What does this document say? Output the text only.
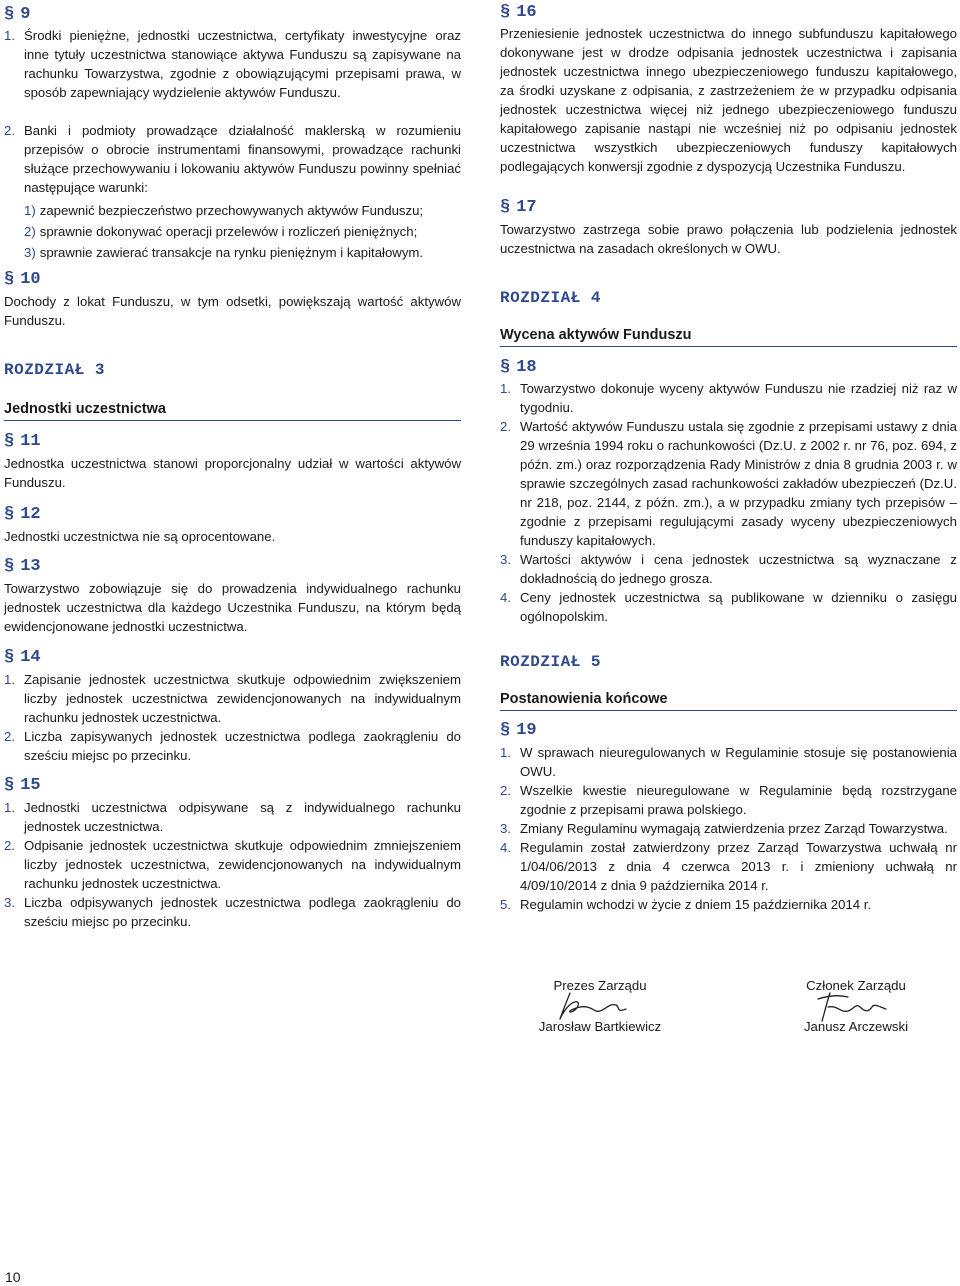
§ 9
1. Środki pieniężne, jednostki uczestnictwa, certyfikaty inwestycyjne oraz inne tytuły uczestnictwa stanowiące aktywa Funduszu są zapisywane na rachunku Towarzystwa, zgodnie z obowiązującymi przepisami prawa, w sposób zapewniający wydzielenie aktywów Funduszu.
2. Banki i podmioty prowadzące działalność maklerską w rozumieniu przepisów o obrocie instrumentami finansowymi, prowadzące rachunki służące przechowywaniu i lokowaniu aktywów Funduszu powinny spełniać następujące warunki:
1) zapewnić bezpieczeństwo przechowywanych aktywów Funduszu;
2) sprawnie dokonywać operacji przelewów i rozliczeń pieniężnych;
3) sprawnie zawierać transakcje na rynku pieniężnym i kapitałowym.
§ 10

Dochody z lokat Funduszu, w tym odsetki, powiększają wartość aktywów Funduszu.

ROZDZIAŁ 3
Jednostki uczestnictwa
§ 11

Jednostka uczestnictwa stanowi proporcjonalny udział w wartości aktywów Funduszu.

§ 12

Jednostki uczestnictwa nie są oprocentowane.

§ 13

Towarzystwo zobowiązuje się do prowadzenia indywidualnego rachunku jednostek uczestnictwa dla każdego Uczestnika Funduszu, na którym będą ewidencjonowane jednostki uczestnictwa.

§ 14
1. Zapisanie jednostek uczestnictwa skutkuje odpowiednim zwiększeniem liczby jednostek uczestnictwa zewidencjonowanych na indywidualnym rachunku jednostek uczestnictwa.
2. Liczba zapisywanych jednostek uczestnictwa podlega zaokrągleniu do sześciu miejsc po przecinku.
§ 15
1. Jednostki uczestnictwa odpisywane są z indywidualnego rachunku jednostek uczestnictwa.
2. Odpisanie jednostek uczestnictwa skutkuje odpowiednim zmniejszeniem liczby jednostek uczestnictwa, zewidencjonowanych na indywidualnym rachunku jednostek uczestnictwa.
3. Liczba odpisywanych jednostek uczestnictwa podlega zaokrągleniu do sześciu miejsc po przecinku.
§ 16

Przeniesienie jednostek uczestnictwa do innego subfunduszu kapitałowego dokonywane jest w drodze odpisania jednostek uczestnictwa i zapisania jednostek uczestnictwa innego ubezpieczeniowego funduszu kapitałowego, za środki uzyskane z odpisania, z zastrzeżeniem że w przypadku odpisania jednostek uczestnictwa więcej niż jednego ubezpieczeniowego funduszu kapitałowego zapisanie nastąpi nie wcześniej niż po odpisaniu jednostek uczestnictwa wszystkich ubezpieczeniowych funduszy kapitałowych podlegających konwersji zgodnie z dyspozycją Uczestnika Funduszu.

§ 17

Towarzystwo zastrzega sobie prawo połączenia lub podzielenia jednostek uczestnictwa na zasadach określonych w OWU.

ROZDZIAŁ 4
Wycena aktywów Funduszu
§ 18
1. Towarzystwo dokonuje wyceny aktywów Funduszu nie rzadziej niż raz w tygodniu.
2. Wartość aktywów Funduszu ustala się zgodnie z przepisami ustawy z dnia 29 września 1994 roku o rachunkowości (Dz.U. z 2002 r. nr 76, poz. 694, z późn. zm.) oraz rozporządzenia Rady Ministrów z dnia 8 grudnia 2003 r. w sprawie szczególnych zasad rachunkowości zakładów ubezpieczeń (Dz.U. nr 218, poz. 2144, z późn. zm.), a w przypadku zmiany tych przepisów – zgodnie z przepisami regulującymi zasady wyceny ubezpieczeniowych funduszy kapitałowych.
3. Wartości aktywów i cena jednostek uczestnictwa są wyznaczane z dokładnością do jednego grosza.
4. Ceny jednostek uczestnictwa są publikowane w dzienniku o zasięgu ogólnopolskim.
ROZDZIAŁ 5
Postanowienia końcowe
§ 19
1. W sprawach nieuregulowanych w Regulaminie stosuje się postanowienia OWU.
2. Wszelkie kwestie nieuregulowane w Regulaminie będą rozstrzygane zgodnie z przepisami prawa polskiego.
3. Zmiany Regulaminu wymagają zatwierdzenia przez Zarząd Towarzystwa.
4. Regulamin został zatwierdzony przez Zarząd Towarzystwa uchwałą nr 1/04/06/2013 z dnia 4 czerwca 2013 r. i zmieniony uchwałą nr 4/09/10/2014 z dnia 9 października 2014 r.
5. Regulamin wchodzi w życie z dniem 15 października 2014 r.
Prezes Zarządu
Jarosław Bartkiewicz
Członek Zarządu
Janusz Arczewski
10
